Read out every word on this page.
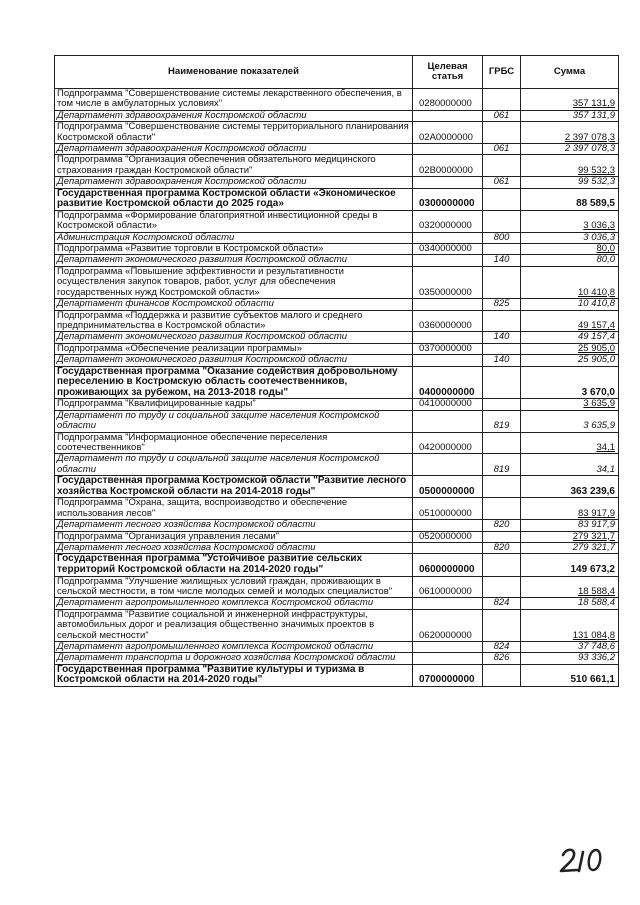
Наименование показателей	Целевая статья	ГРБС	Сумма
Подпрограмма "Совершенствование системы лекарственного обеспечения, в том числе в амбулаторных условиях"	0280000000		357 131,9
Департамент здравоохранения Костромской области		061	357 131,9
Подпрограмма "Совершенствование системы территориального планирования Костромской области"	02А0000000		2 397 078,3
Департамент здравоохранения Костромской области		061	2 397 078,3
Подпрограмма "Организация обеспечения обязательного медицинского страхования граждан Костромской области"	02В0000000		99 532,3
Департамент здравоохранения Костромской области		061	99 532,3
Государственная программа Костромской области «Экономическое развитие Костромской области до 2025 года»	0300000000		88 589,5
Подпрограмма «Формирование благоприятной инвестиционной среды в Костромской области»	0320000000		3 036,3
Администрация Костромской области		800	3 036,3
Подпрограмма «Развитие торговли в Костромской области»	0340000000		80,0
Департамент экономического развития Костромской области		140	80,0
Подпрограмма «Повышение эффективности и результативности осуществления закупок товаров, работ, услуг для обеспечения государственных нужд Костромской области»	0350000000		10 410,8
Департамент финансов Костромской области		825	10 410,8
Подпрограмма «Поддержка и развитие субъектов малого и среднего предпринимательства в Костромской области»	0360000000		49 157,4
Департамент экономического развития Костромской области		140	49 157,4
Подпрограмма «Обеспечение реализации программы»	0370000000		25 905,0
Департамент экономического развития Костромской области		140	25 905,0
Государственная программа "Оказание содействия добровольному переселению в Костромскую область соотечественников, проживающих за рубежом, на 2013-2018 годы"	0400000000		3 670,0
Подпрограмма "Квалифицированные кадры"	0410000000		3 635,9
Департамент по труду и социальной защите населения Костромской области		819	3 635,9
Подпрограмма "Информационное обеспечение переселения соотечественников"	0420000000		34,1
Департамент по труду и социальной защите населения Костромской области		819	34,1
Государственная программа Костромской области "Развитие лесного хозяйства Костромской области на 2014-2018 годы"	0500000000		363 239,6
Подпрограмма "Охрана, защита, воспроизводство и обеспечение использования лесов"	0510000000		83 917,9
Департамент лесного хозяйства Костромской области		820	83 917,9
Подпрограмма "Организация управления лесами"	0520000000		279 321,7
Департамент лесного хозяйства Костромской области		820	279 321,7
Государственная программа "Устойчивое развитие сельских территорий Костромской области на 2014-2020 годы"	0600000000		149 673,2
Подпрограмма "Улучшение жилищных условий граждан, проживающих в сельской местности, в том числе молодых семей и молодых специалистов"	0610000000		18 588,4
Департамент агропромышленного комплекса Костромской области		824	18 588,4
Подпрограмма "Развитие социальной и инженерной инфраструктуры, автомобильных дорог и реализация общественно значимых проектов в сельской местности"	0620000000		131 084,8
Департамент агропромышленного комплекса Костромской области		824	37 748,6
Департамент транспорта и дорожного хозяйства Костромской области		826	93 336,2
Государственная программа "Развитие культуры и туризма в Костромской области на 2014-2020 годы"	0700000000		510 661,1
